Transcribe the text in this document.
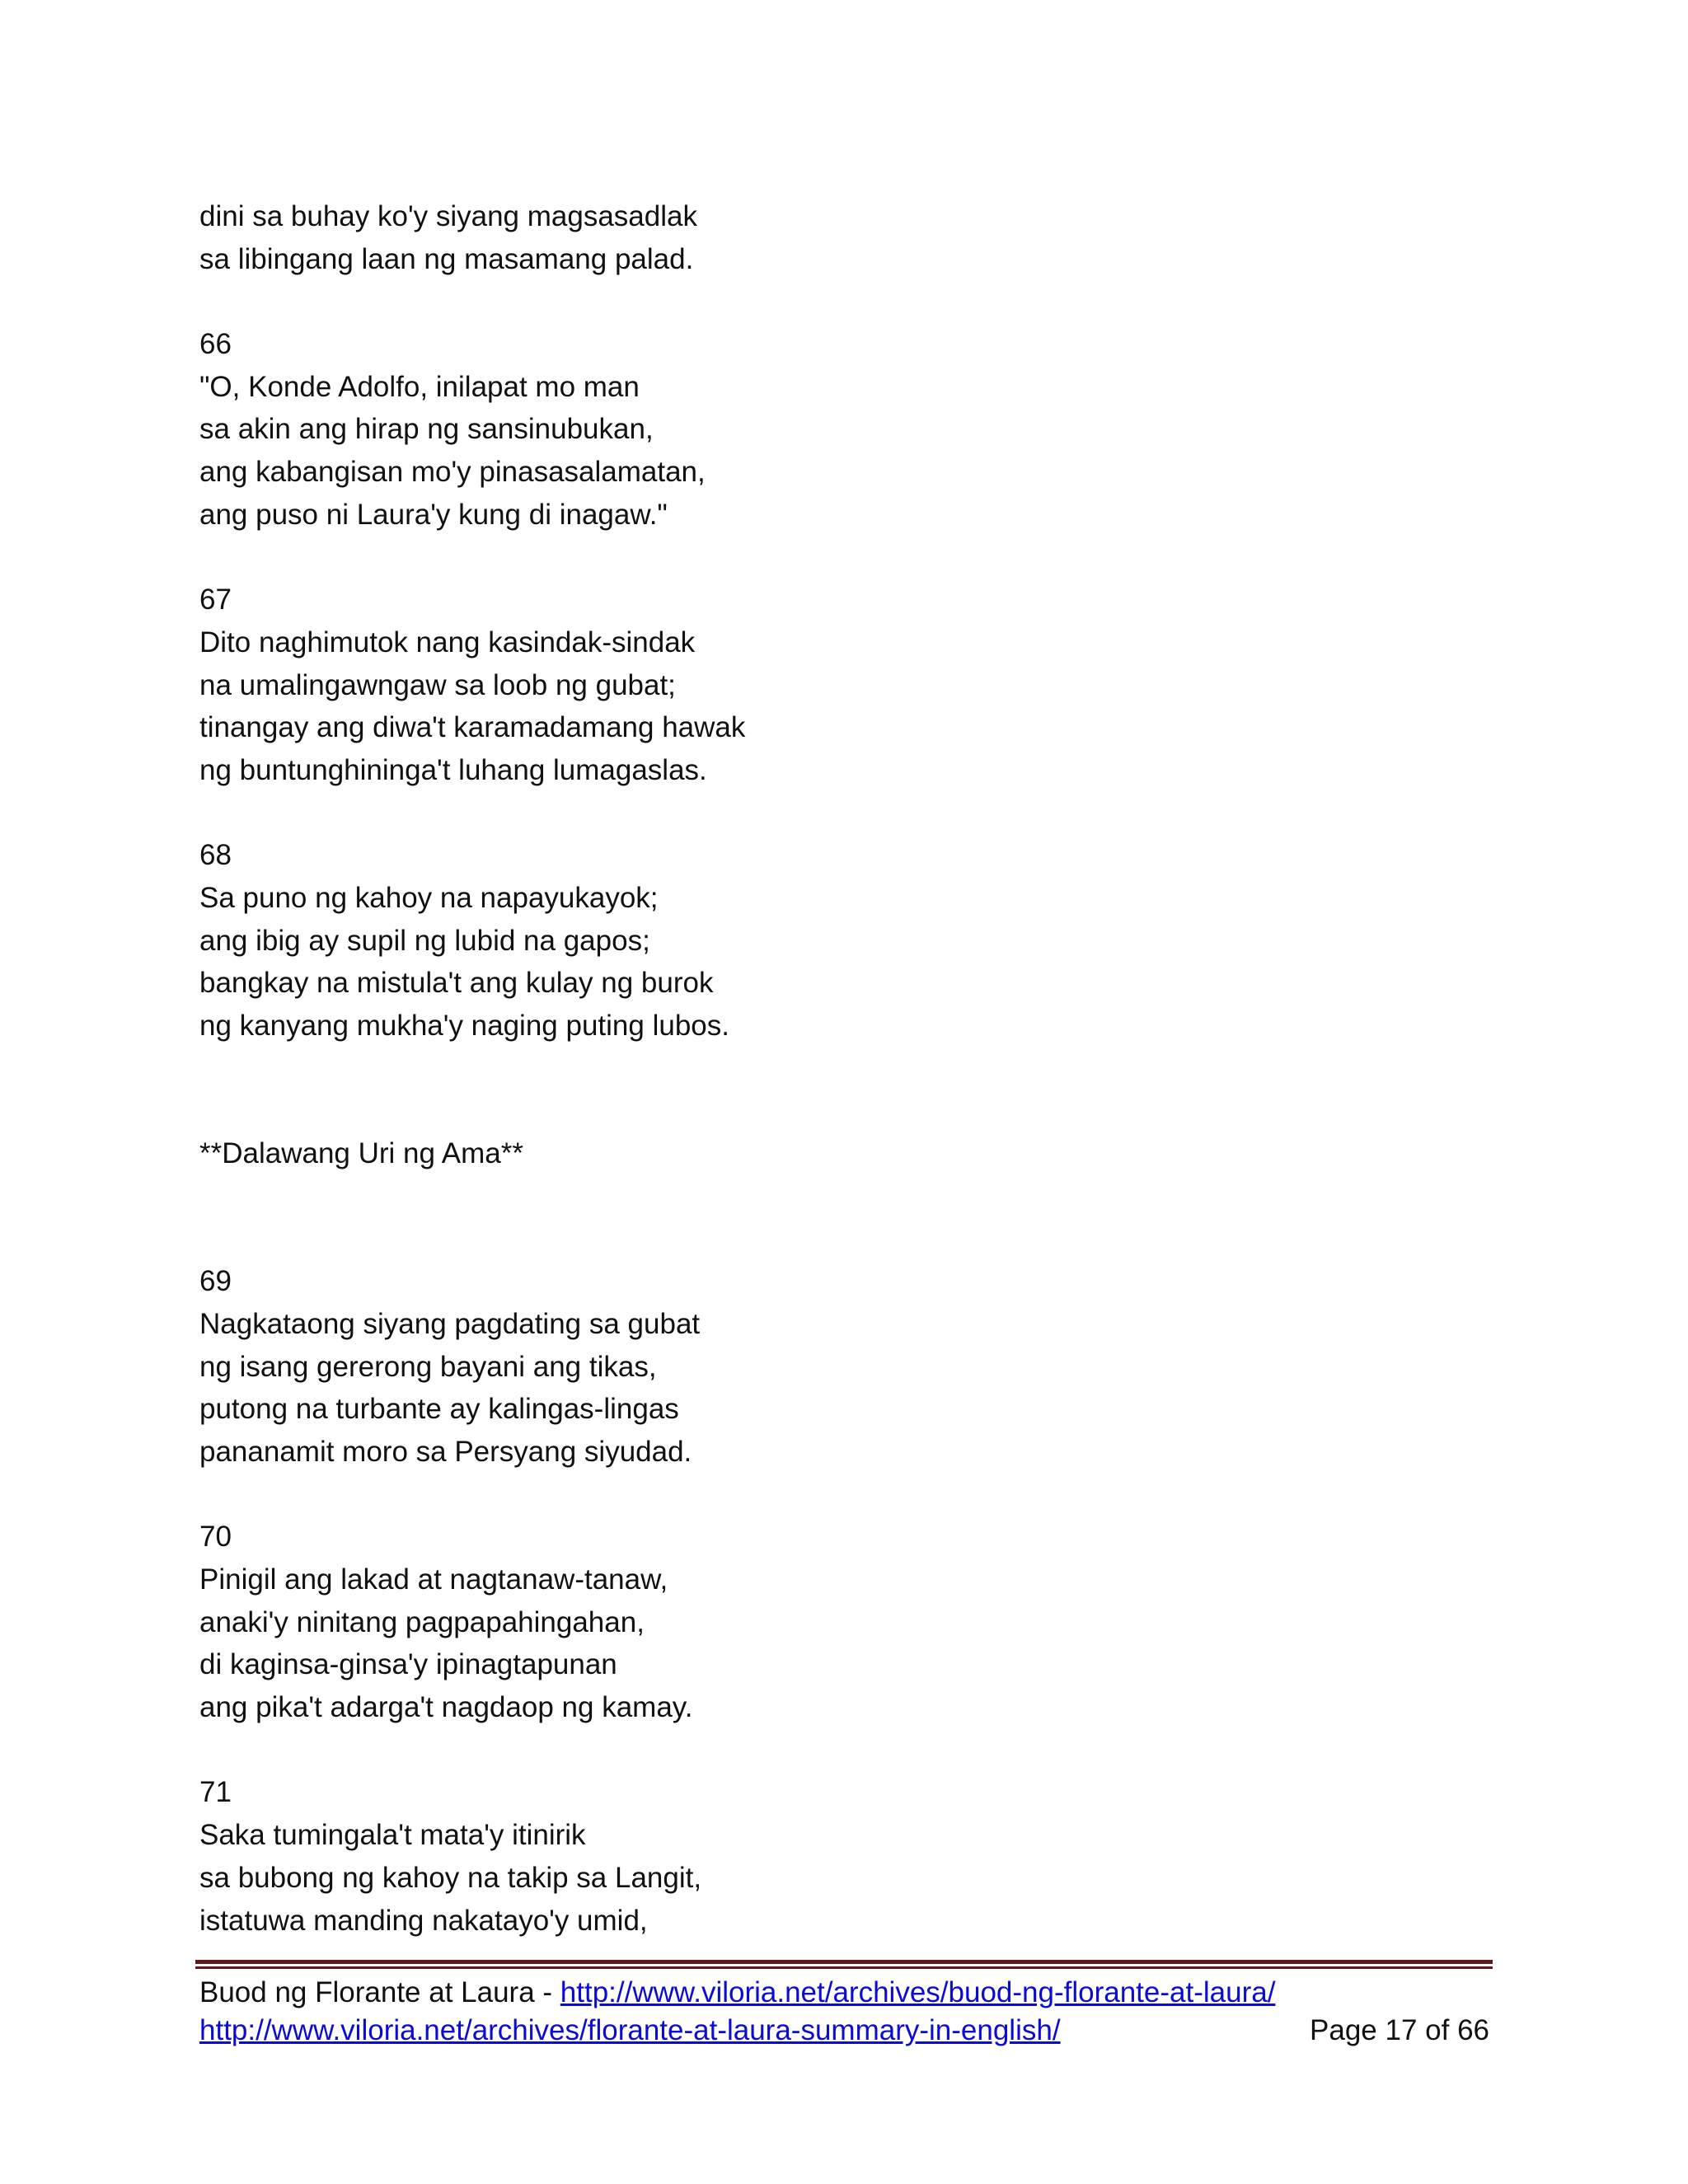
dini sa buhay ko'y siyang magsasadlak
sa libingang laan ng masamang palad.
66
"O, Konde Adolfo, inilapat mo man
sa akin ang hirap ng sansinubukan,
ang kabangisan mo'y pinasasalamatan,
ang puso ni Laura'y kung di inagaw."
67
Dito naghimutok nang kasindak-sindak
na umalingawngaw sa loob ng gubat;
tinangay ang diwa't karamadamang hawak
ng buntunghininga't luhang lumagaslas.
68
Sa puno ng kahoy na napayukayok;
ang ibig ay supil ng lubid na gapos;
bangkay na mistula't ang kulay ng burok
ng kanyang mukha'y naging puting lubos.
**Dalawang Uri ng Ama**
69
Nagkataong siyang pagdating sa gubat
ng isang gererong bayani ang tikas,
putong na turbante ay kalingas-lingas
pananamit moro sa Persyang siyudad.
70
Pinigil ang lakad at nagtanaw-tanaw,
anaki'y ninitang pagpapahingahan,
di kaginsa-ginsa'y ipinagtapunan
ang pika't adarga't nagdaop ng kamay.
71
Saka tumingala't mata'y itinirik
sa bubong ng kahoy na takip sa Langit,
istatuwa manding nakatayo'y umid,
Buod ng Florante at Laura - http://www.viloria.net/archives/buod-ng-florante-at-laura/
http://www.viloria.net/archives/florante-at-laura-summary-in-english/	Page 17 of 66
